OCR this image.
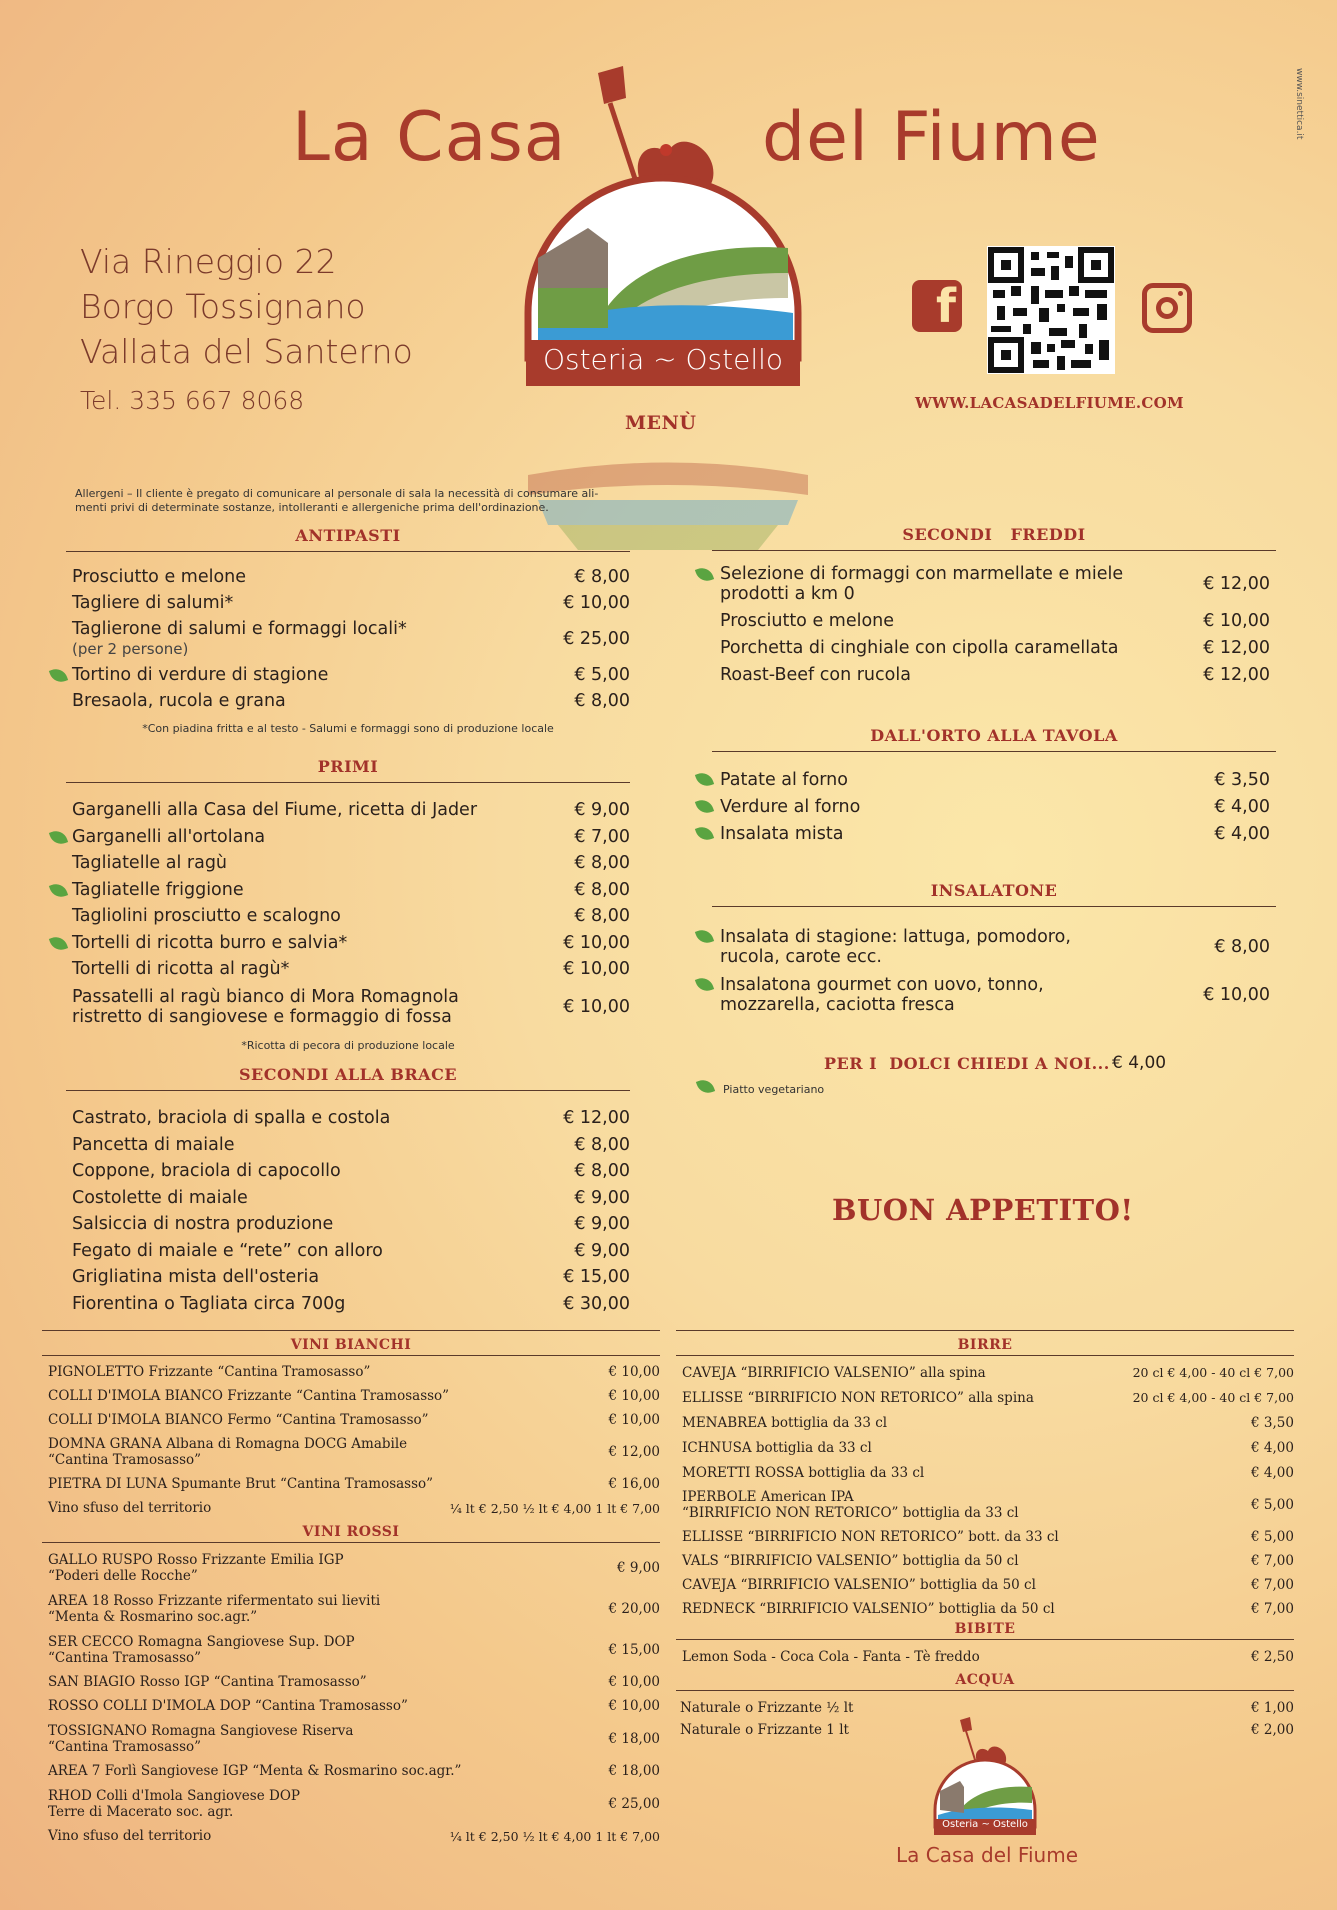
La Casa	del Fiume	www.sinettica.it
Osteria ~ Ostello
Via Rineggio 22
Borgo Tossignano
Vallata del Santerno
Tel. 335 667 8068
f
WWW.LACASADELFIUME.COM
MENÙ
Allergeni – Il cliente è pregato di comunicare al personale di sala la necessità di consumare ali-menti privi di determinate sostanze, intolleranti e allergeniche prima dell'ordinazione.
ANTIPASTI
Prosciutto e melone	€ 8,00
Tagliere di salumi*	€ 10,00
Taglierone di salumi e formaggi locali*
(per 2 persone)	€ 25,00
Tortino di verdure di stagione	€ 5,00
Bresaola, rucola e grana	€ 8,00
*Con piadina fritta e al testo - Salumi e formaggi sono di produzione locale
PRIMI
Garganelli alla Casa del Fiume, ricetta di Jader	€ 9,00
Garganelli all'ortolana	€ 7,00
Tagliatelle al ragù	€ 8,00
Tagliatelle friggione	€ 8,00
Tagliolini prosciutto e scalogno	€ 8,00
Tortelli di ricotta burro e salvia*	€ 10,00
Tortelli di ricotta al ragù*	€ 10,00
Passatelli al ragù bianco di Mora Romagnola
ristretto di sangiovese e formaggio di fossa	€ 10,00
*Ricotta di pecora di produzione locale
SECONDI ALLA BRACE
Castrato, braciola di spalla e costola	€ 12,00
Pancetta di maiale	€ 8,00
Coppone, braciola di capocollo	€ 8,00
Costolette di maiale	€ 9,00
Salsiccia di nostra produzione	€ 9,00
Fegato di maiale e “rete” con alloro	€ 9,00
Grigliatina mista dell'osteria	€ 15,00
Fiorentina o Tagliata circa 700g	€ 30,00
SECONDI   FREDDI
Selezione di formaggi con marmellate e miele
prodotti a km 0	€ 12,00
Prosciutto e melone	€ 10,00
Porchetta di cinghiale con cipolla caramellata	€ 12,00
Roast-Beef con rucola	€ 12,00
DALL'ORTO ALLA TAVOLA
Patate al forno	€ 3,50
Verdure al forno	€ 4,00
Insalata mista	€ 4,00
INSALATONE
Insalata di stagione: lattuga, pomodoro,
rucola, carote ecc.	€ 8,00
Insalatona gourmet con uovo, tonno,
mozzarella, caciotta fresca	€ 10,00
PER I  DOLCI CHIEDI A NOI... € 4,00
Piatto vegetariano
BUON APPETITO!
VINI BIANCHI
PIGNOLETTO Frizzante “Cantina Tramosasso”	€ 10,00
COLLI D'IMOLA BIANCO Frizzante “Cantina Tramosasso”	€ 10,00
COLLI D'IMOLA BIANCO Fermo “Cantina Tramosasso”	€ 10,00
DOMNA GRANA Albana di Romagna DOCG Amabile
“Cantina Tramosasso”	€ 12,00
PIETRA DI LUNA Spumante Brut “Cantina Tramosasso”	€ 16,00
Vino sfuso del territorio	¼ lt € 2,50 ½ lt € 4,00 1 lt € 7,00
VINI ROSSI
GALLO RUSPO Rosso Frizzante Emilia IGP
“Poderi delle Rocche”	€ 9,00
AREA 18 Rosso Frizzante rifermentato sui lieviti
“Menta & Rosmarino soc.agr.”	€ 20,00
SER CECCO Romagna Sangiovese Sup. DOP
“Cantina Tramosasso”	€ 15,00
SAN BIAGIO Rosso IGP “Cantina Tramosasso”	€ 10,00
ROSSO COLLI D'IMOLA DOP “Cantina Tramosasso”	€ 10,00
TOSSIGNANO Romagna Sangiovese Riserva
“Cantina Tramosasso”	€ 18,00
AREA 7 Forlì Sangiovese IGP “Menta & Rosmarino soc.agr.”	€ 18,00
RHOD Colli d'Imola Sangiovese DOP
Terre di Macerato soc. agr.	€ 25,00
Vino sfuso del territorio	¼ lt € 2,50 ½ lt € 4,00 1 lt € 7,00
BIRRE
CAVEJA “BIRRIFICIO VALSENIO” alla spina	20 cl € 4,00 - 40 cl € 7,00
ELLISSE “BIRRIFICIO NON RETORICO” alla spina	20 cl € 4,00 - 40 cl € 7,00
MENABREA bottiglia da 33 cl	€ 3,50
ICHNUSA bottiglia da 33 cl	€ 4,00
MORETTI ROSSA bottiglia da 33 cl	€ 4,00
IPERBOLE American IPA
“BIRRIFICIO NON RETORICO” bottiglia da 33 cl	€ 5,00
ELLISSE “BIRRIFICIO NON RETORICO” bott. da 33 cl	€ 5,00
VALS “BIRRIFICIO VALSENIO” bottiglia da 50 cl	€ 7,00
CAVEJA “BIRRIFICIO VALSENIO” bottiglia da 50 cl	€ 7,00
REDNECK “BIRRIFICIO VALSENIO” bottiglia da 50 cl	€ 7,00
BIBITE
Lemon Soda - Coca Cola - Fanta - Tè freddo	€ 2,50
ACQUA
Naturale o Frizzante ½ lt	€ 1,00
Naturale o Frizzante 1 lt	€ 2,00
Osteria ~ Ostello
La Casa del Fiume
